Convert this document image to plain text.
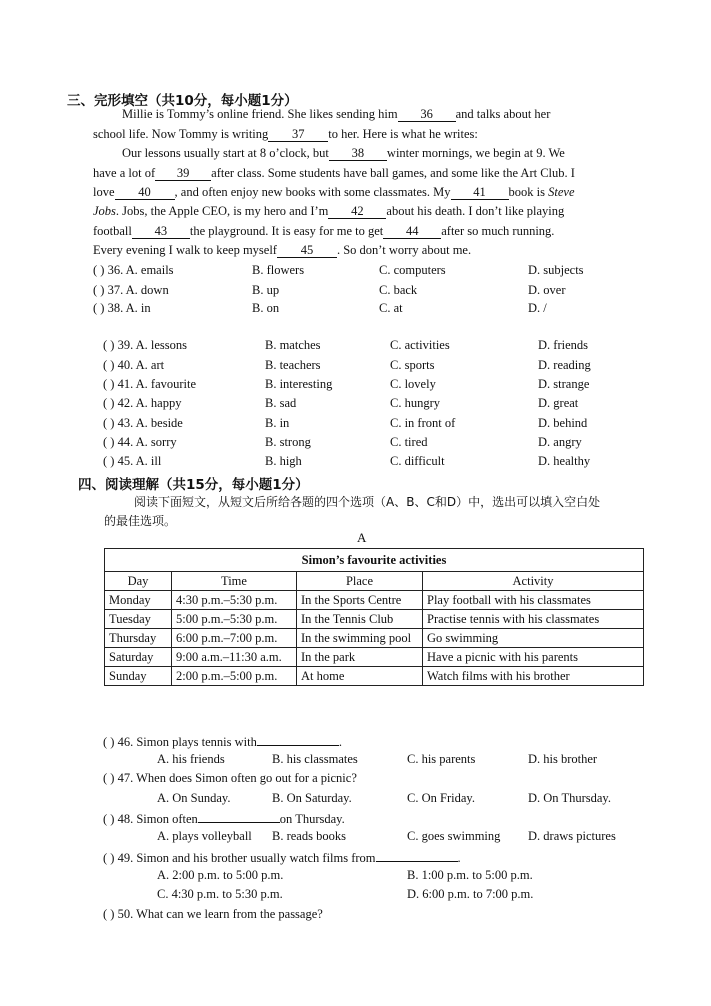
三、完形填空（共10分，每小题1分）
Millie is Tommy’s online friend. She likes sending him 36 and talks about her
school life. Now Tommy is writing 37 to her. Here is what he writes:
Our lessons usually start at 8 o’clock, but 38 winter mornings, we begin at 9. We
have a lot of 39 after class. Some students have ball games, and some like the Art Club. I
love 40 , and often enjoy new books with some classmates. My 41 book is Steve
Jobs. Jobs, the Apple CEO, is my hero and I’m 42 about his death. I don’t like playing
football 43 the playground. It is easy for me to get 44 after so much running.
Every evening I walk to keep myself 45 . So don’t worry about me.
( ) 36. A. emails	B. flowers	C. computers	D. subjects
( ) 37. A. down	B. up	C. back	D. over
( ) 38. A. in	B. on	C. at	D. /
( ) 39. A. lessons	B. matches	C. activities	D. friends
( ) 40. A. art	B. teachers	C. sports	D. reading
( ) 41. A. favourite	B. interesting	C. lovely	D. strange
( ) 42. A. happy	B. sad	C. hungry	D. great
( ) 43. A. beside	B. in	C. in front of	D. behind
( ) 44. A. sorry	B. strong	C. tired	D. angry
( ) 45. A. ill	B. high	C. difficult	D. healthy
四、阅读理解（共15分，每小题1分）
阅读下面短文，从短文后所给各题的四个选项（A、B、C和D）中，选出可以填入空白处
的最佳选项。
A
Simon’s favourite activities			
Day	Time	Place	Activity
Monday	4:30 p.m.–5:30 p.m.	In the Sports Centre	Play football with his classmates
Tuesday	5:00 p.m.–5:30 p.m.	In the Tennis Club	Practise tennis with his classmates
Thursday	6:00 p.m.–7:00 p.m.	In the swimming pool	Go swimming
Saturday	9:00 a.m.–11:30 a.m.	In the park	Have a picnic with his parents
Sunday	2:00 p.m.–5:00 p.m.	At home	Watch films with his brother
( ) 46. Simon plays tennis with	.
A. his friends	B. his classmates	C. his parents	D. his brother
( ) 47. When does Simon often go out for a picnic?
A. On Sunday.	B. On Saturday.	C. On Friday.	D. On Thursday.
( ) 48. Simon often	on Thursday.
A. plays volleyball B. reads books	C. goes swimming D. draws pictures
( ) 49. Simon and his brother usually watch films from	.
A. 2:00 p.m. to 5:00 p.m.	B. 1:00 p.m. to 5:00 p.m.
C. 4:30 p.m. to 5:30 p.m.	D. 6:00 p.m. to 7:00 p.m.
( ) 50. What can we learn from the passage?
